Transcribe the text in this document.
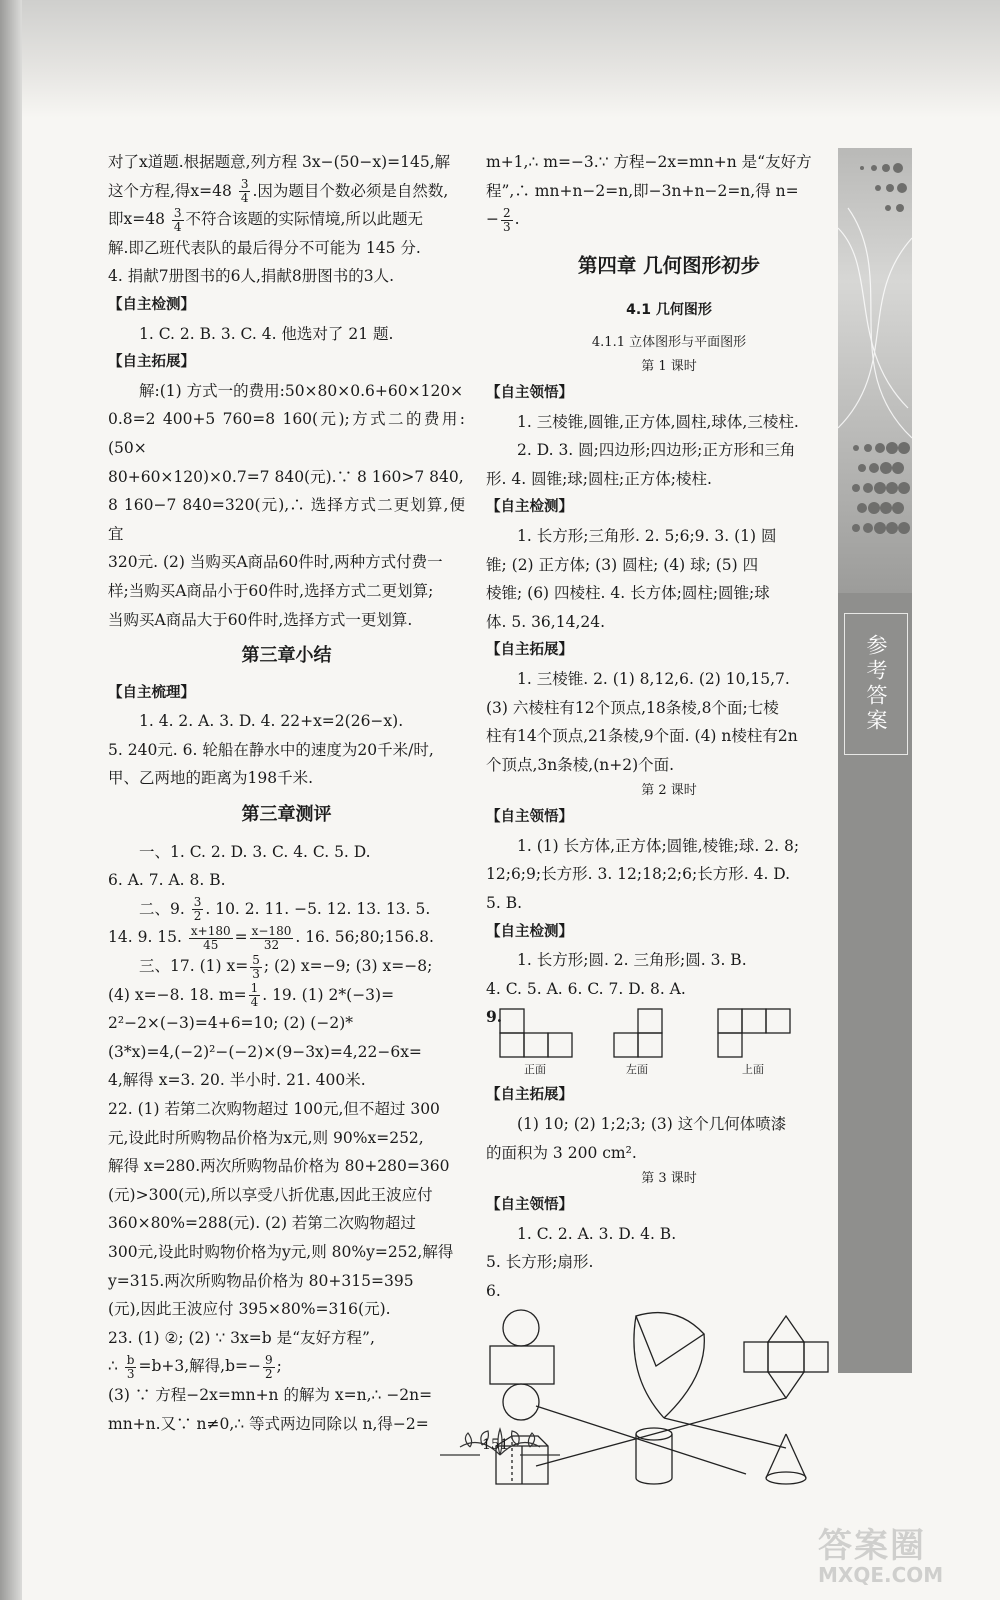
对了x道题.根据题意,列方程 3x−(50−x)=145,解

这个方程,得$x=48 \frac{3}{4}$ .因为题目个数必须是自然数,

即$x=48 \frac{3}{4}$ 不符合该题的实际情境,所以此题无

解.即乙班代表队的最后得分不可能为 145 分.

4. 捐献7册图书的6人,捐献8册图书的3人.

【自主检测】

1. C. 2. B. 3. C. 4. 他选对了 21 题.

【自主拓展】

解:(1) 方式一的费用:50×80×0.6+60×120×

0.8=2 400+5 760=8 160(元);方式二的费用:(50×

80+60×120)×0.7=7 840(元).∵ 8 160>7 840,

8 160−7 840=320(元),∴ 选择方式二更划算,便宜

320元. (2) 当购买A商品60件时,两种方式付费一

样;当购买A商品小于60件时,选择方式二更划算;

当购买A商品大于60件时,选择方式一更划算.

第三章小结

【自主梳理】

1. 4. 2. A. 3. D. 4. 22+x=2(26−x).

5. 240元. 6. 轮船在静水中的速度为20千米/时,

甲、乙两地的距离为198千米.

第三章测评

一、1. C. 2. D. 3. C. 4. C. 5. D.

6. A. 7. A. 8. B.

二、9. $\frac{3}{2}$ . 10. 2. 11. −5. 12. 13. 13. 5.

14. 9. 15. $\frac{x+180}{45} = \frac{x-180}{32}$ . 16. 56;80;156.8.

三、17. (1) $x= \frac{5}{3}$ ; (2) x=−9; (3) x=−8;

(4) x=−8. 18. $m= \frac{1}{4}$ . 19. (1) 2*(−3)=

2²−2×(−3)=4+6=10; (2) (−2)*

(3*x)=4,(−2)²−(−2)×(9−3x)=4,22−6x=

4,解得 x=3. 20. 半小时. 21. 400米.

22. (1) 若第二次购物超过 100元,但不超过 300

元,设此时所购物品价格为x元,则 90%x=252,

解得 x=280.两次所购物品价格为 80+280=360

(元)>300(元),所以享受八折优惠,因此王波应付

360×80%=288(元). (2) 若第二次购物超过

300元,设此时购物价格为y元,则 80%y=252,解得

y=315.两次所购物品价格为 80+315=395

(元),因此王波应付 395×80%=316(元).

23. (1) ②; (2) ∵ 3x=b 是“友好方程”,

∴ $\frac{b}{3} =b+3$,解得$,b=- \frac{9}{2}$ ;

(3) ∵ 方程−2x=mn+n 的解为 x=n,∴ −2n=

mn+n.又∵ n≠0,∴ 等式两边同除以 n,得−2=

m+1,∴ m=−3.∵ 方程−2x=mn+n 是“友好方

程”,∴ mn+n−2=n,即−3n+n−2=n,得 n=

− $\frac{2}{3}$ .

第四章 几何图形初步
4.1 几何图形
4.1.1 立体图形与平面图形
第 1 课时

【自主领悟】

1. 三棱锥,圆锥,正方体,圆柱,球体,三棱柱.

2. D. 3. 圆;四边形;四边形;正方形和三角

形. 4. 圆锥;球;圆柱;正方体;棱柱.

【自主检测】

1. 长方形;三角形. 2. 5;6;9. 3. (1) 圆

锥; (2) 正方体; (3) 圆柱; (4) 球; (5) 四

棱锥; (6) 四棱柱. 4. 长方体;圆柱;圆锥;球

体. 5. 36,14,24.

【自主拓展】

1. 三棱锥. 2. (1) 8,12,6. (2) 10,15,7.

(3) 六棱柱有12个顶点,18条棱,8个面;七棱

柱有14个顶点,21条棱,9个面. (4) n棱柱有2n

个顶点,3n条棱,(n+2)个面.

第 2 课时

【自主领悟】

1. (1) 长方体,正方体;圆锥,棱锥;球. 2. 8;

12;6;9;长方形. 3. 12;18;2;6;长方形. 4. D.

5. B.

【自主检测】

1. 长方形;圆. 2. 三角形;圆. 3. B.

4. C. 5. A. 6. C. 7. D. 8. A.

9.
正面	左面	上面

【自主拓展】

(1) 10; (2) 1;2;3; (3) 这个几何体喷漆

的面积为 3 200 cm².

第 3 课时

【自主领悟】

1. C. 2. A. 3. D. 4. B.

5. 长方形;扇形.

6.

参考答案
151
答案圈
MXQE.COM
